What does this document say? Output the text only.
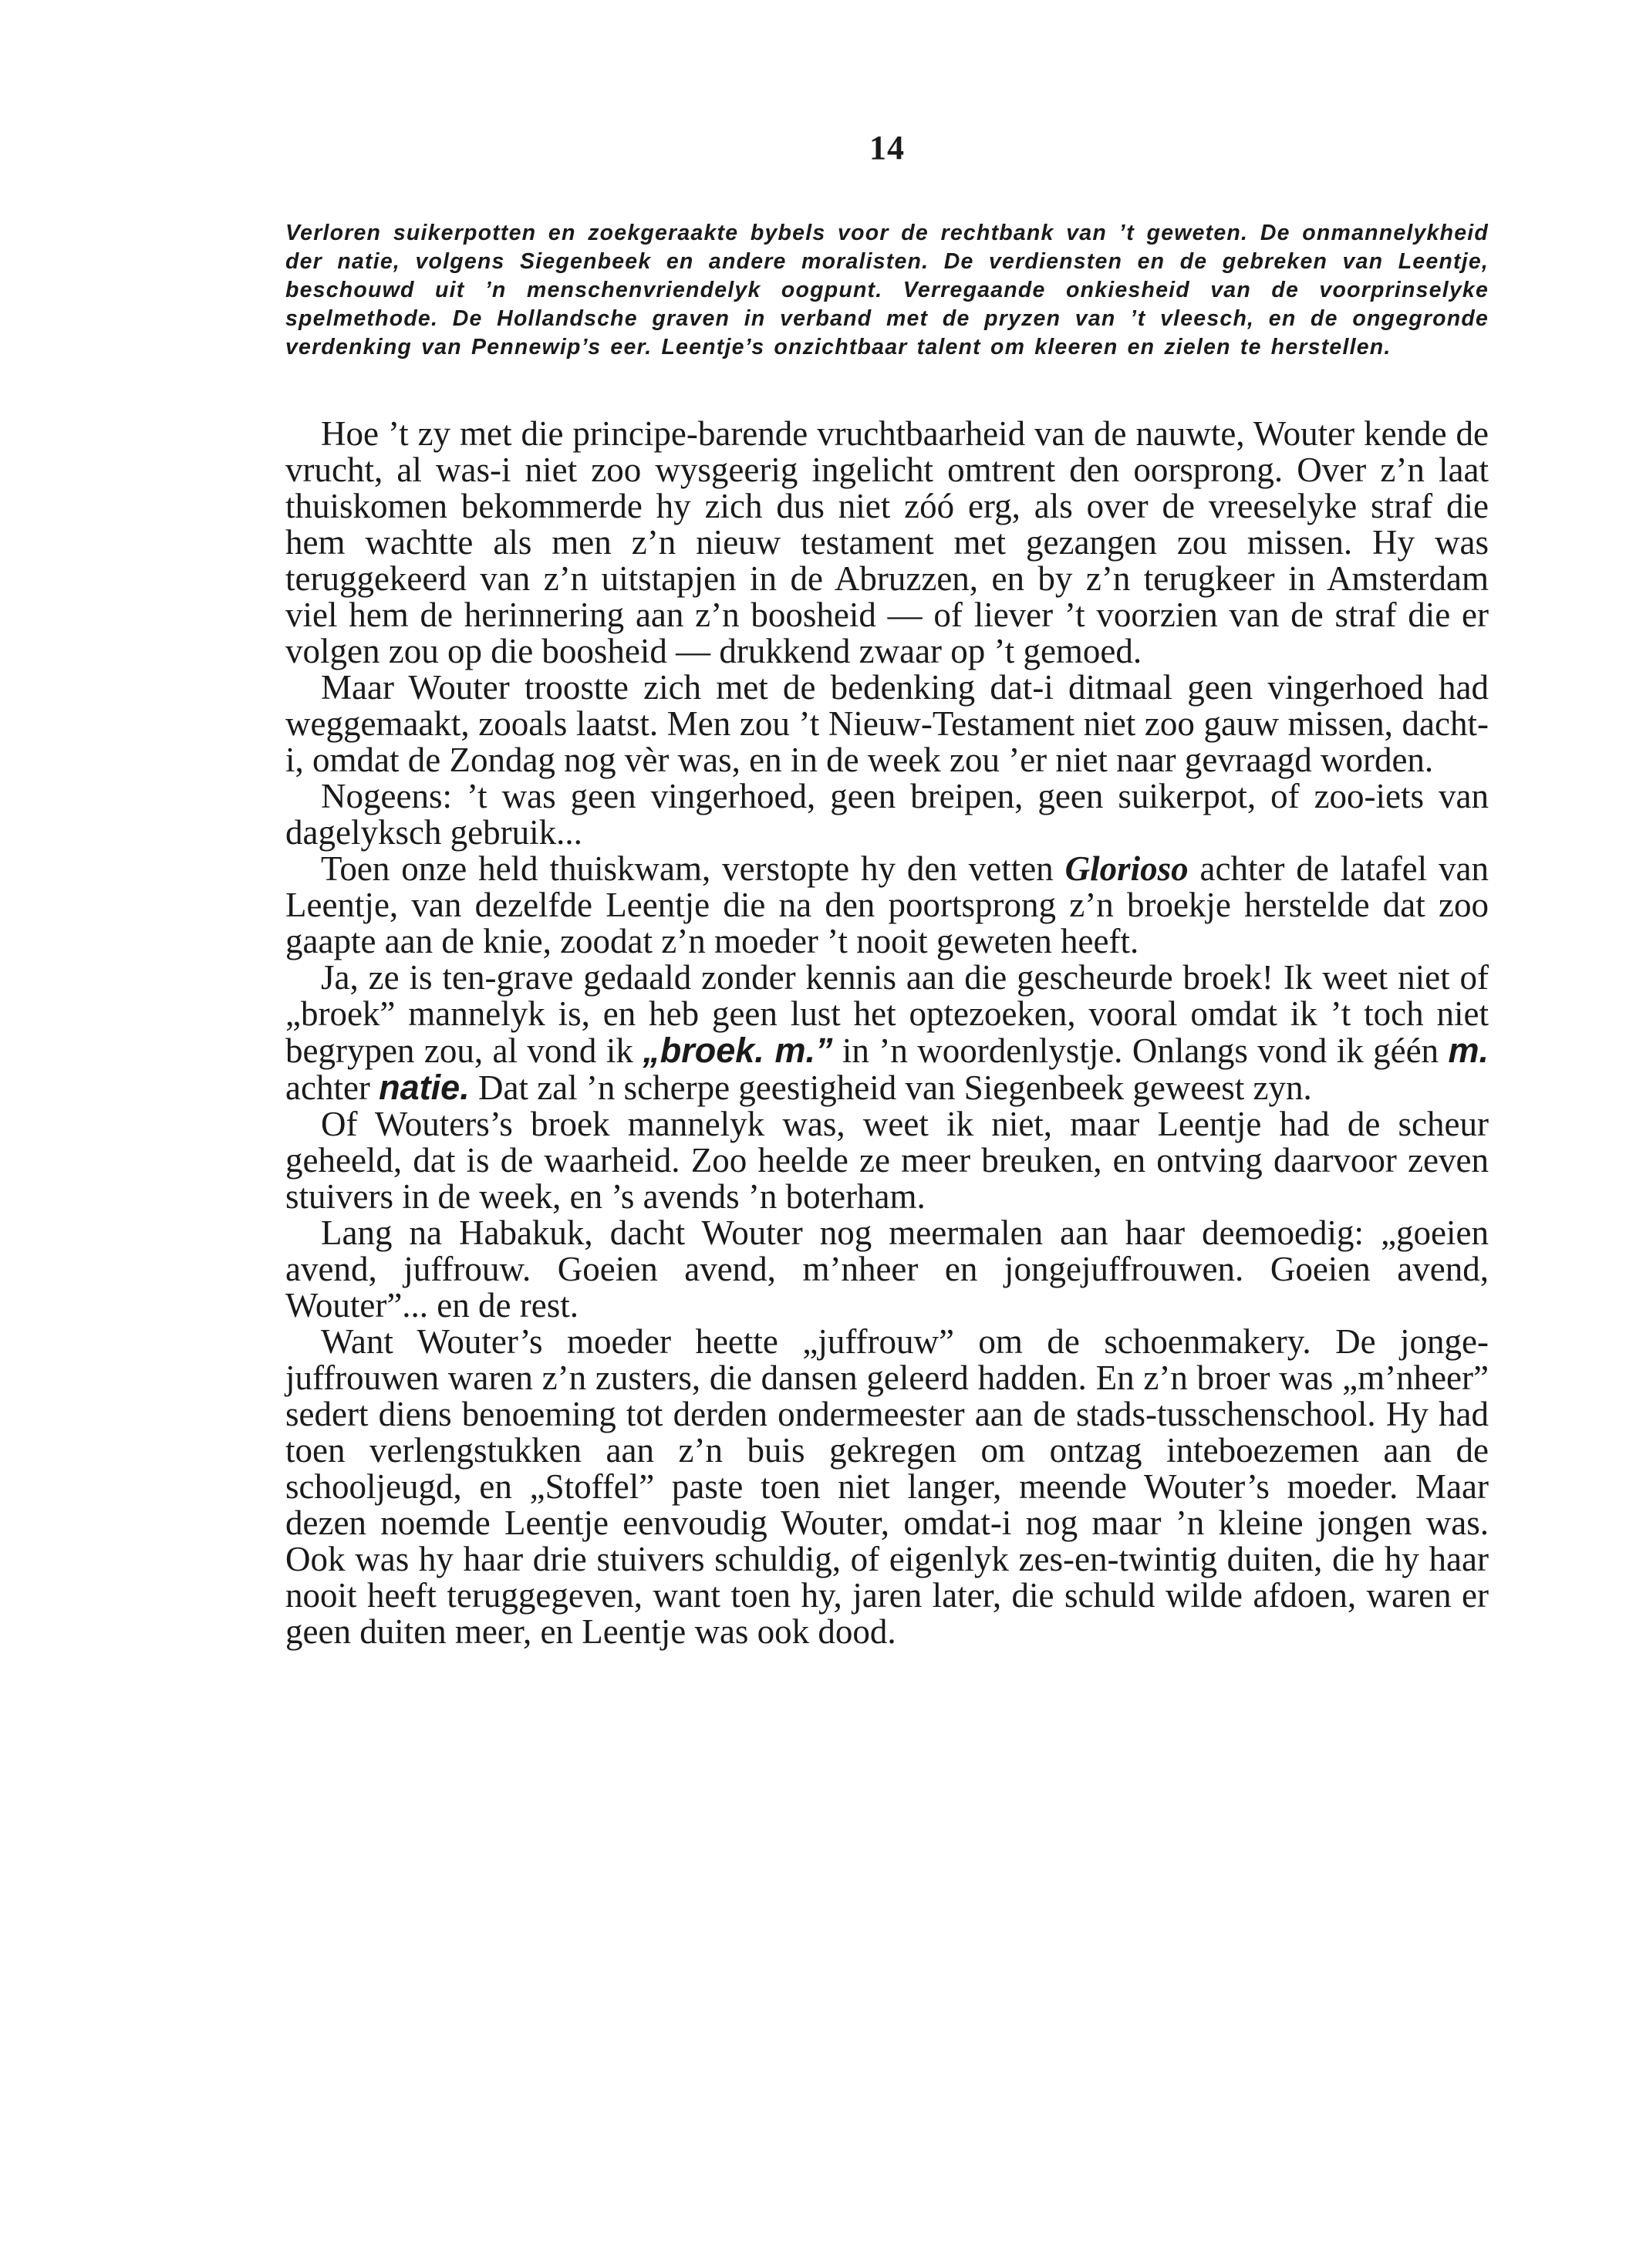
14
Verloren suikerpotten en zoekgeraakte bybels voor de rechtbank van ’t geweten. De onmannelykheid der natie, volgens Siegenbeek en andere moralisten. De verdiensten en de gebreken van Leentje, beschouwd uit ’n menschenvriendelyk oogpunt. Verregaande onkiesheid van de voorprinselyke spelmethode. De Hollandsche graven in verband met de pryzen van ’t vleesch, en de ongegronde verdenking van Pennewip’s eer. Leentje’s onzichtbaar talent om kleeren en zielen te herstellen.

Hoe ’t zy met die principe-barende vruchtbaarheid van de nauwte, Wouter kende de vrucht, al was-i niet zoo wysgeerig ingelicht omtrent den oorsprong. Over z’n laat thuiskomen bekommerde hy zich dus niet zóó erg, als over de vreeselyke straf die hem wachtte als men z’n nieuw testament met gezangen zou missen. Hy was teruggekeerd van z’n uitstapjen in de Abruzzen, en by z’n terugkeer in Amsterdam viel hem de herinnering aan z’n boosheid — of liever ’t voorzien van de straf die er volgen zou op die boosheid — drukkend zwaar op ’t gemoed.

Maar Wouter troostte zich met de bedenking dat-i ditmaal geen vingerhoed had weggemaakt, zooals laatst. Men zou ’t Nieuw-Testament niet zoo gauw missen, dacht-i, omdat de Zondag nog vèr was, en in de week zou ’er niet naar gevraagd worden.

Nogeens: ’t was geen vingerhoed, geen breipen, geen suikerpot, of zoo-iets van dagelyksch gebruik...

Toen onze held thuiskwam, verstopte hy den vetten Glorioso achter de latafel van Leentje, van dezelfde Leentje die na den poortsprong z’n broekje herstelde dat zoo gaapte aan de knie, zoodat z’n moeder ’t nooit geweten heeft.

Ja, ze is ten-grave gedaald zonder kennis aan die gescheurde broek! Ik weet niet of „broek” mannelyk is, en heb geen lust het optezoeken, vooral omdat ik ’t toch niet begrypen zou, al vond ik „broek. m.” in ’n woordenlystje. Onlangs vond ik géén m. achter natie. Dat zal ’n scherpe geestigheid van Siegenbeek geweest zyn.

Of Wouters’s broek mannelyk was, weet ik niet, maar Leentje had de scheur geheeld, dat is de waarheid. Zoo heelde ze meer breuken, en ontving daarvoor zeven stuivers in de week, en ’s avends ’n boterham.

Lang na Habakuk, dacht Wouter nog meermalen aan haar deemoedig: „goeien avend, juffrouw. Goeien avend, m’nheer en jongejuffrouwen. Goeien avend, Wouter”... en de rest.

Want Wouter’s moeder heette „juffrouw” om de schoenmakery. De jonge-juffrouwen waren z’n zusters, die dansen geleerd hadden. En z’n broer was „m’nheer” sedert diens benoeming tot derden ondermeester aan de stads-tusschenschool. Hy had toen verlengstukken aan z’n buis gekregen om ontzag inteboezemen aan de schooljeugd, en „Stoffel” paste toen niet langer, meende Wouter’s moeder. Maar dezen noemde Leentje eenvoudig Wouter, omdat-i nog maar ’n kleine jongen was. Ook was hy haar drie stuivers schuldig, of eigenlyk zes-en-twintig duiten, die hy haar nooit heeft teruggegeven, want toen hy, jaren later, die schuld wilde afdoen, waren er geen duiten meer, en Leentje was ook dood.
